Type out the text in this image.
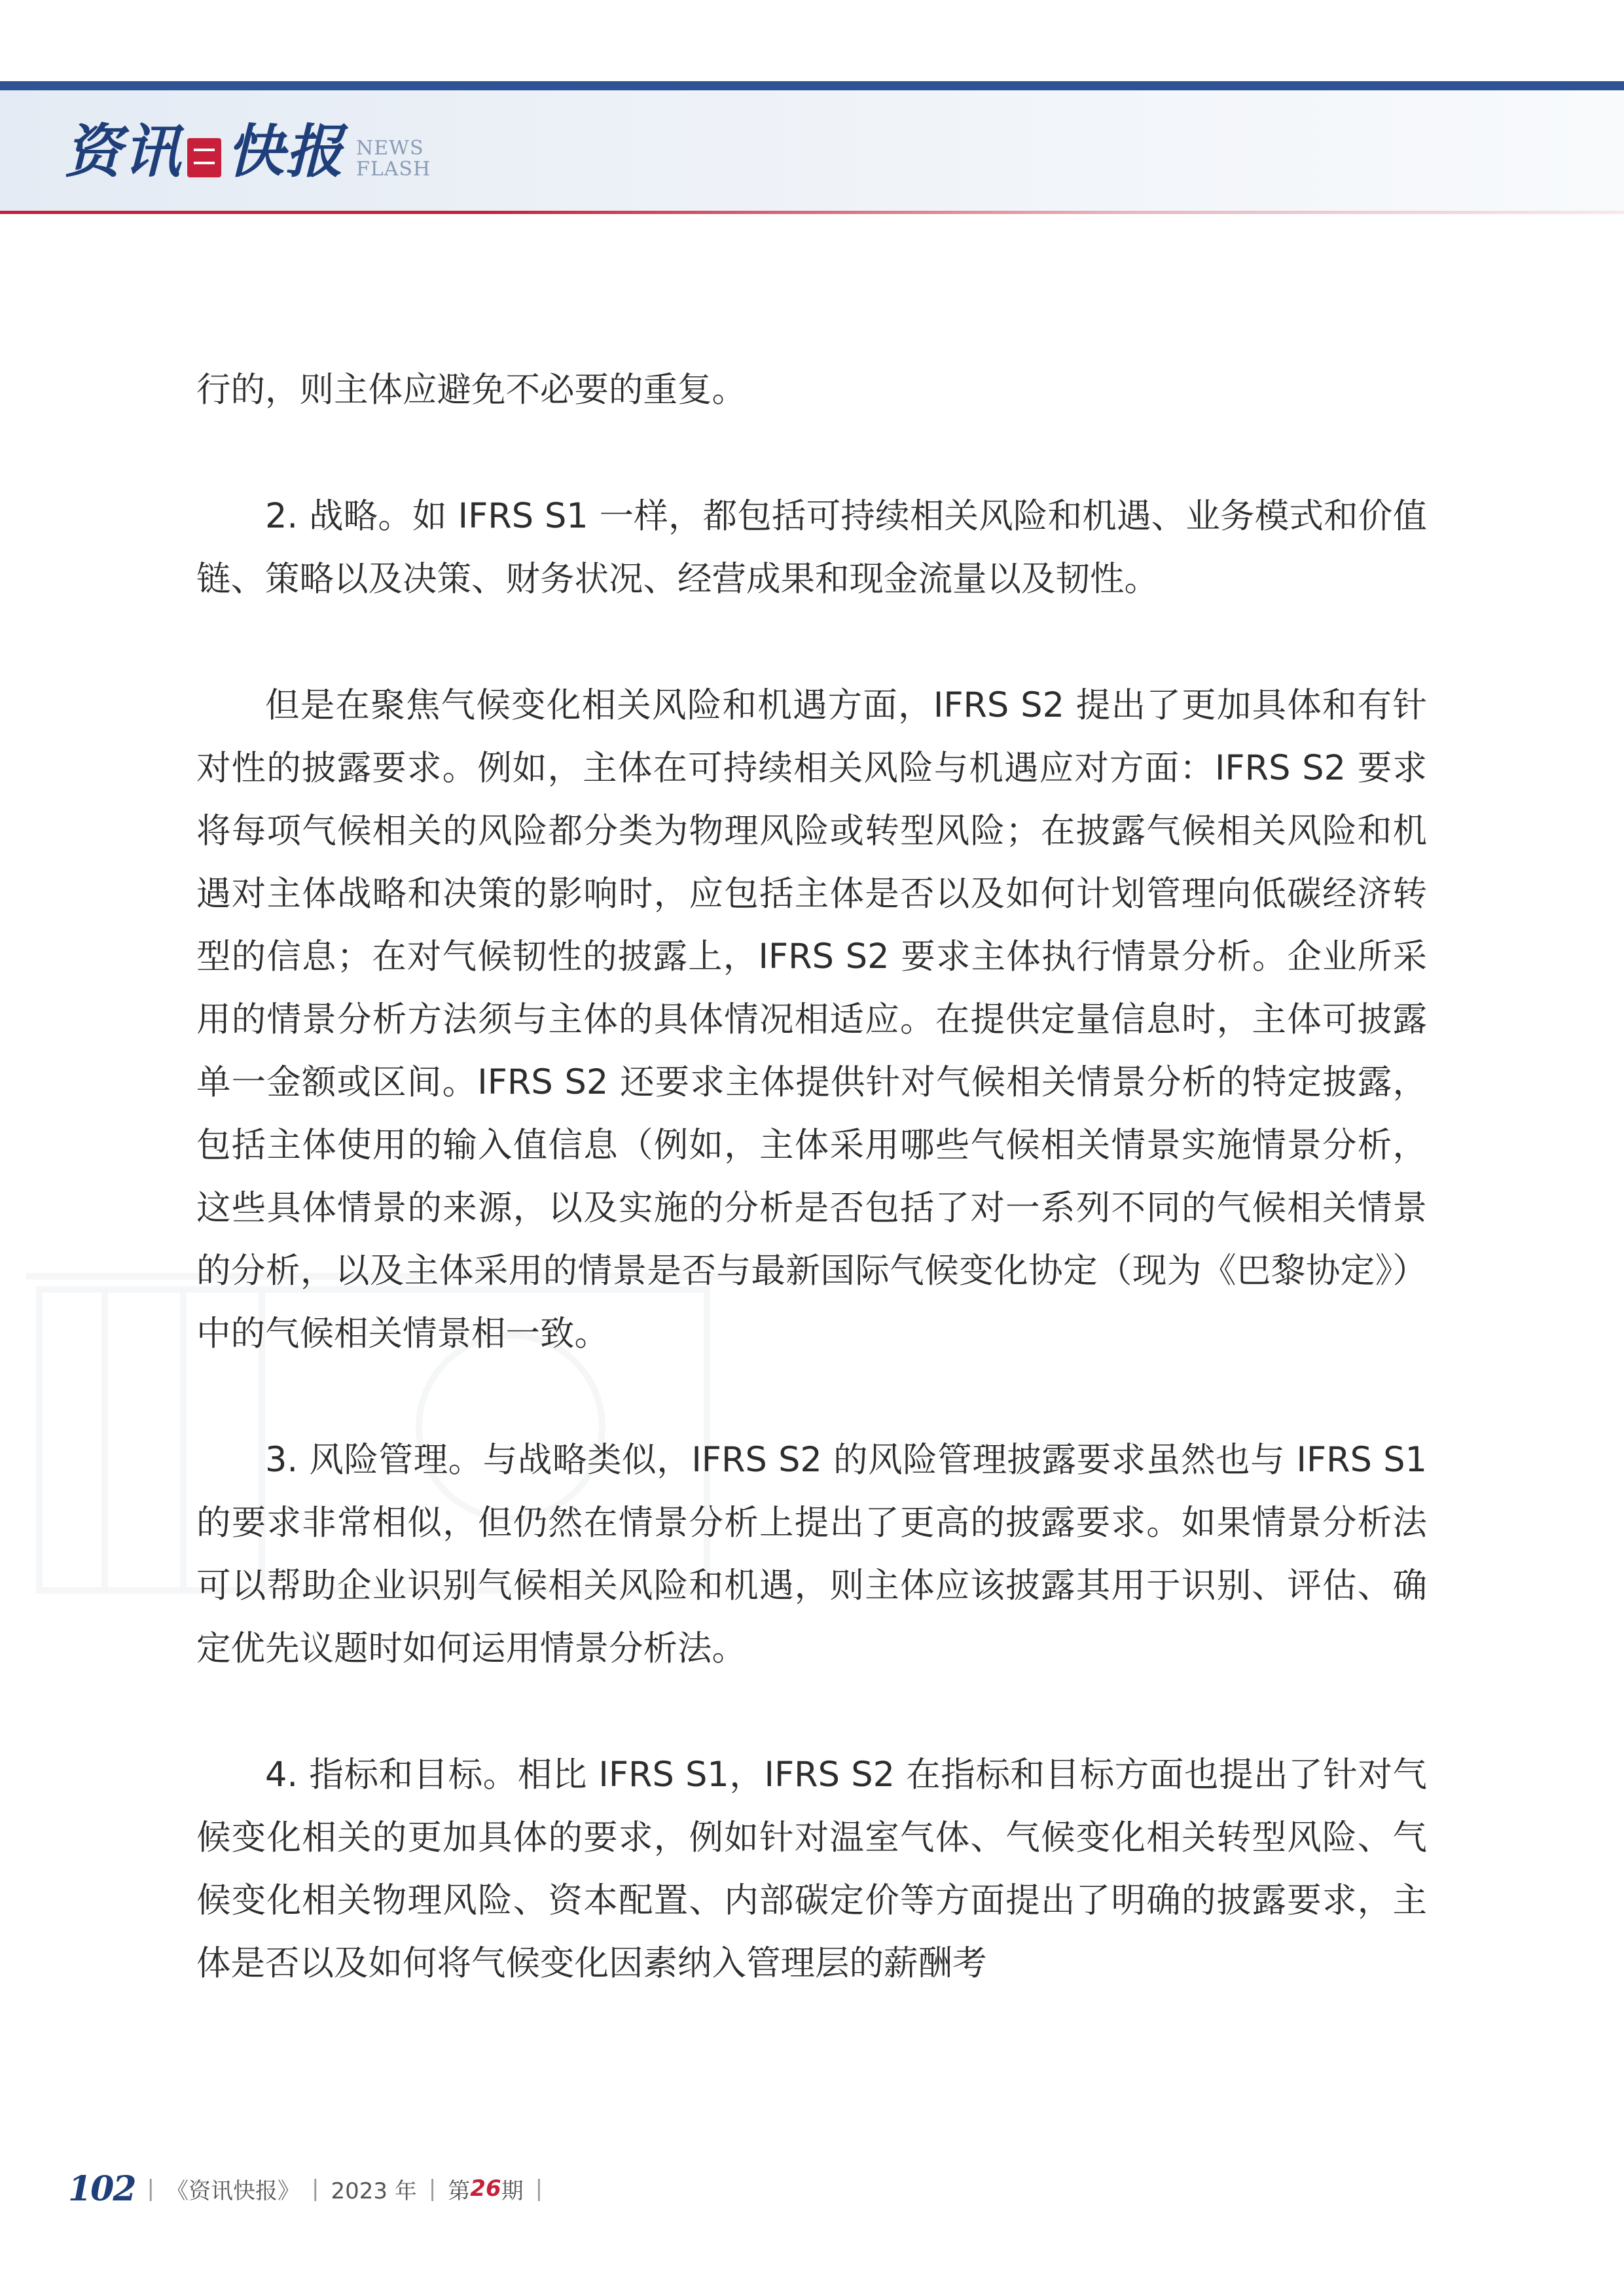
资讯 快报 NEWS
FLASH

行的，则主体应避免不必要的重复。

2. 战略。如 IFRS S1 一样，都包括可持续相关风险和机遇、业务模式和价值链、策略以及决策、财务状况、经营成果和现金流量以及韧性。

但是在聚焦气候变化相关风险和机遇方面，IFRS S2 提出了更加具体和有针对性的披露要求。例如，主体在可持续相关风险与机遇应对方面：IFRS S2 要求将每项气候相关的风险都分类为物理风险或转型风险；在披露气候相关风险和机遇对主体战略和决策的影响时，应包括主体是否以及如何计划管理向低碳经济转型的信息；在对气候韧性的披露上，IFRS S2 要求主体执行情景分析。企业所采用的情景分析方法须与主体的具体情况相适应。在提供定量信息时，主体可披露单一金额或区间。IFRS S2 还要求主体提供针对气候相关情景分析的特定披露，包括主体使用的输入值信息（例如，主体采用哪些气候相关情景实施情景分析，这些具体情景的来源，以及实施的分析是否包括了对一系列不同的气候相关情景的分析，以及主体采用的情景是否与最新国际气候变化协定（现为《巴黎协定》）中的气候相关情景相一致。

3. 风险管理。与战略类似，IFRS S2 的风险管理披露要求虽然也与 IFRS S1 的要求非常相似，但仍然在情景分析上提出了更高的披露要求。如果情景分析法可以帮助企业识别气候相关风险和机遇，则主体应该披露其用于识别、评估、确定优先议题时如何运用情景分析法。

4. 指标和目标。相比 IFRS S1，IFRS S2 在指标和目标方面也提出了针对气候变化相关的更加具体的要求，例如针对温室气体、气候变化相关转型风险、气候变化相关物理风险、资本配置、内部碳定价等方面提出了明确的披露要求，主体是否以及如何将气候变化因素纳入管理层的薪酬考

102 | 《资讯快报》 | 2023 年 | 第 26 期 |
